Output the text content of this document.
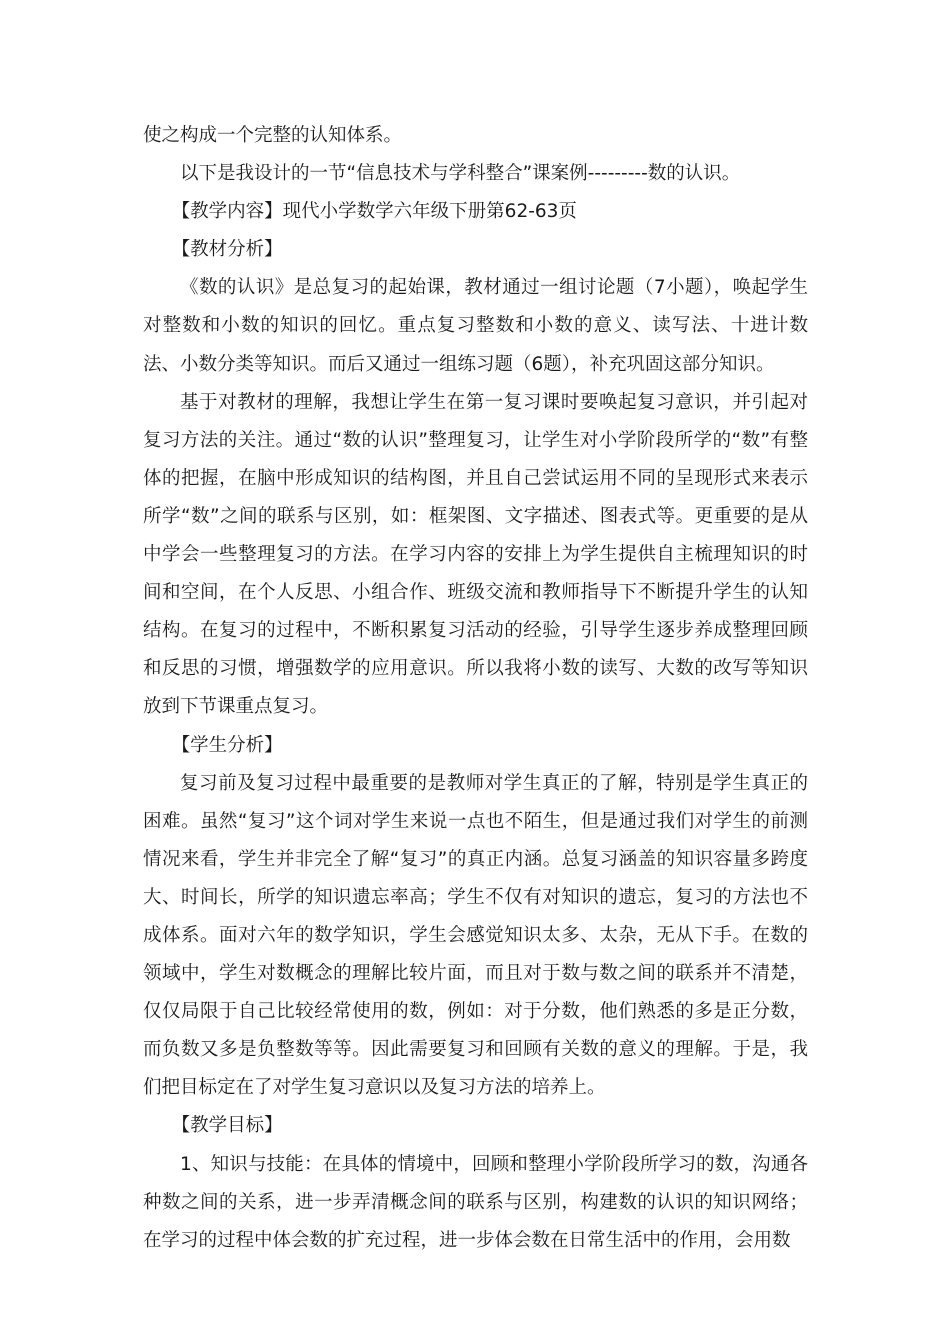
使之构成一个完整的认知体系。

以下是我设计的一节“信息技术与学科整合”课案例---------数的认识。

【教学内容】现代小学数学六年级下册第62-63页

【教材分析】

《数的认识》是总复习的起始课，教材通过一组讨论题（7小题），唤起学生对整数和小数的知识的回忆。重点复习整数和小数的意义、读写法、十进计数法、小数分类等知识。而后又通过一组练习题（6题），补充巩固这部分知识。

基于对教材的理解，我想让学生在第一复习课时要唤起复习意识，并引起对复习方法的关注。通过“数的认识”整理复习，让学生对小学阶段所学的“数”有整体的把握，在脑中形成知识的结构图，并且自己尝试运用不同的呈现形式来表示所学“数”之间的联系与区别，如：框架图、文字描述、图表式等。更重要的是从中学会一些整理复习的方法。在学习内容的安排上为学生提供自主梳理知识的时间和空间，在个人反思、小组合作、班级交流和教师指导下不断提升学生的认知结构。在复习的过程中，不断积累复习活动的经验，引导学生逐步养成整理回顾和反思的习惯，增强数学的应用意识。所以我将小数的读写、大数的改写等知识放到下节课重点复习。

【学生分析】

复习前及复习过程中最重要的是教师对学生真正的了解，特别是学生真正的困难。虽然“复习”这个词对学生来说一点也不陌生，但是通过我们对学生的前测情况来看，学生并非完全了解“复习”的真正内涵。总复习涵盖的知识容量多跨度大、时间长，所学的知识遗忘率高；学生不仅有对知识的遗忘，复习的方法也不成体系。面对六年的数学知识，学生会感觉知识太多、太杂，无从下手。在数的领域中，学生对数概念的理解比较片面，而且对于数与数之间的联系并不清楚，仅仅局限于自己比较经常使用的数，例如：对于分数，他们熟悉的多是正分数，而负数又多是负整数等等。因此需要复习和回顾有关数的意义的理解。于是，我们把目标定在了对学生复习意识以及复习方法的培养上。

【教学目标】

1、知识与技能：在具体的情境中，回顾和整理小学阶段所学习的数，沟通各种数之间的关系，进一步弄清概念间的联系与区别，构建数的认识的知识网络；在学习的过程中体会数的扩充过程，进一步体会数在日常生活中的作用，会用数
